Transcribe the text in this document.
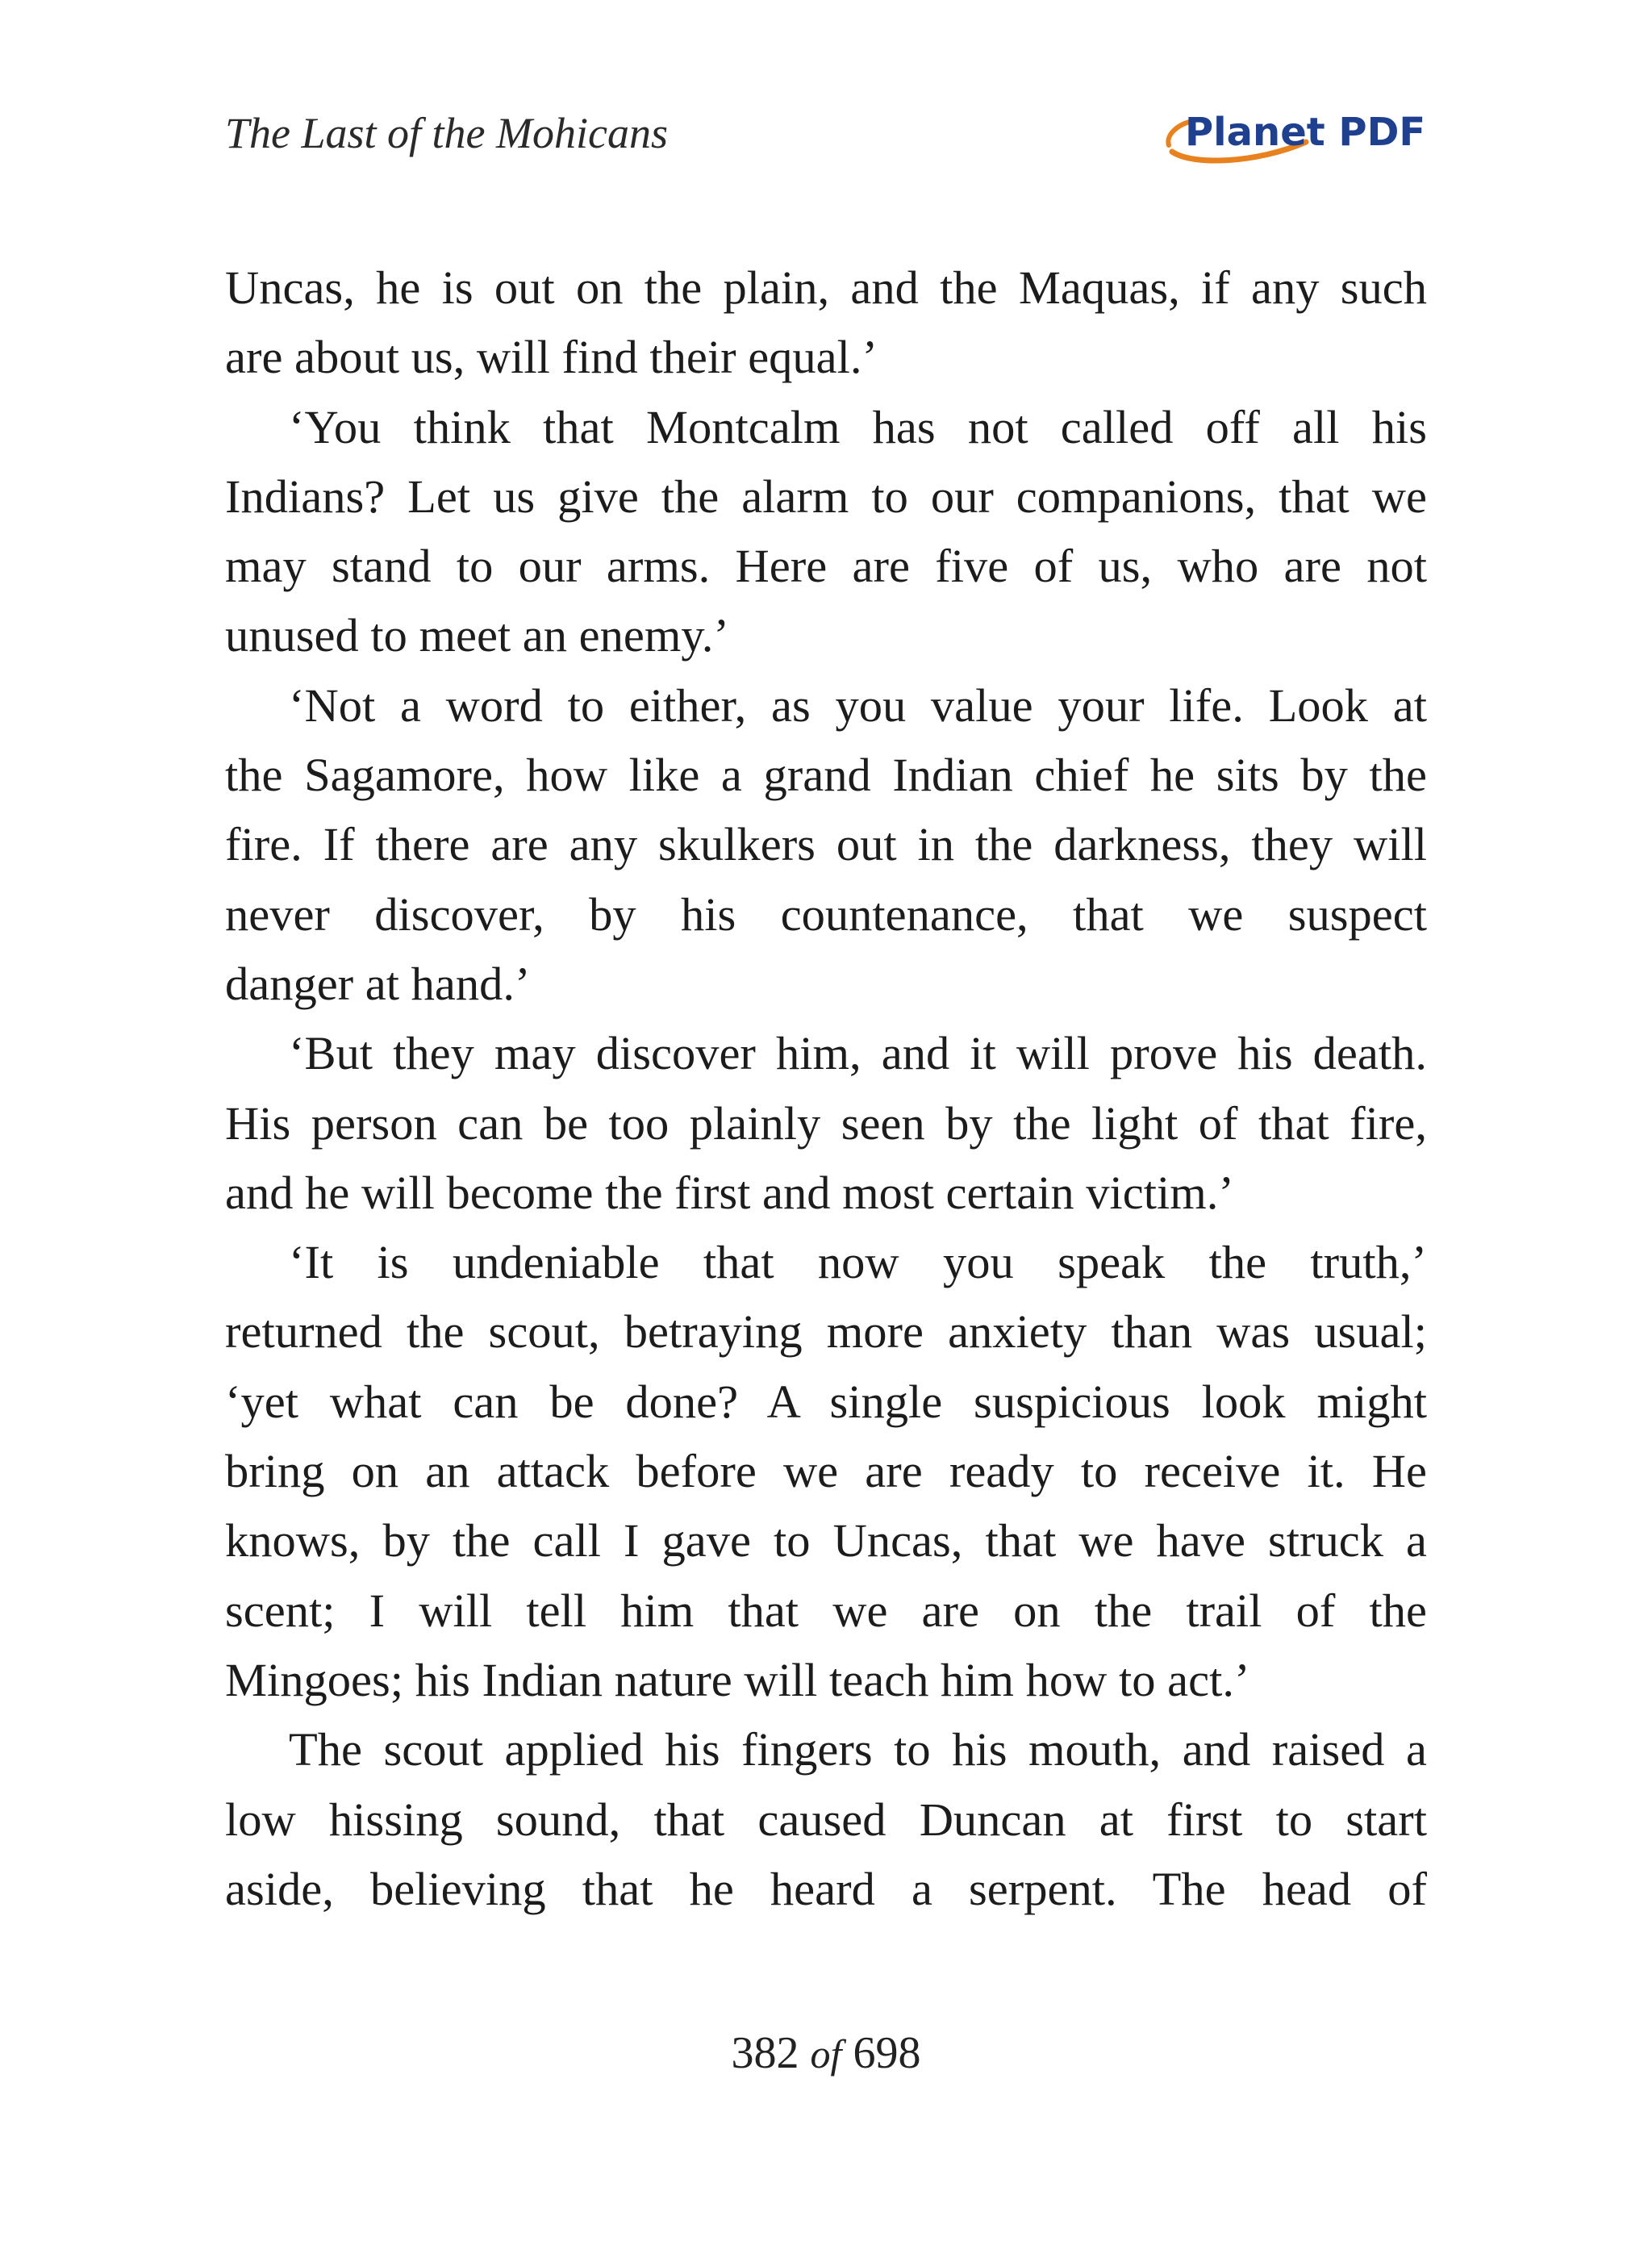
The Last of the Mohicans	Planet PDF
Uncas, he is out on the plain, and the Maquas, if any such
are about us, will find their equal.’
‘You think that Montcalm has not called off all his
Indians? Let us give the alarm to our companions, that we
may stand to our arms. Here are five of us, who are not
unused to meet an enemy.’
‘Not a word to either, as you value your life. Look at
the Sagamore, how like a grand Indian chief he sits by the
fire. If there are any skulkers out in the darkness, they will
never discover, by his countenance, that we suspect
danger at hand.’
‘But they may discover him, and it will prove his death.
His person can be too plainly seen by the light of that fire,
and he will become the first and most certain victim.’
‘It is undeniable that now you speak the truth,’
returned the scout, betraying more anxiety than was usual;
‘yet what can be done? A single suspicious look might
bring on an attack before we are ready to receive it. He
knows, by the call I gave to Uncas, that we have struck a
scent; I will tell him that we are on the trail of the
Mingoes; his Indian nature will teach him how to act.’
The scout applied his fingers to his mouth, and raised a
low hissing sound, that caused Duncan at first to start
aside, believing that he heard a serpent. The head of
382 of 698
